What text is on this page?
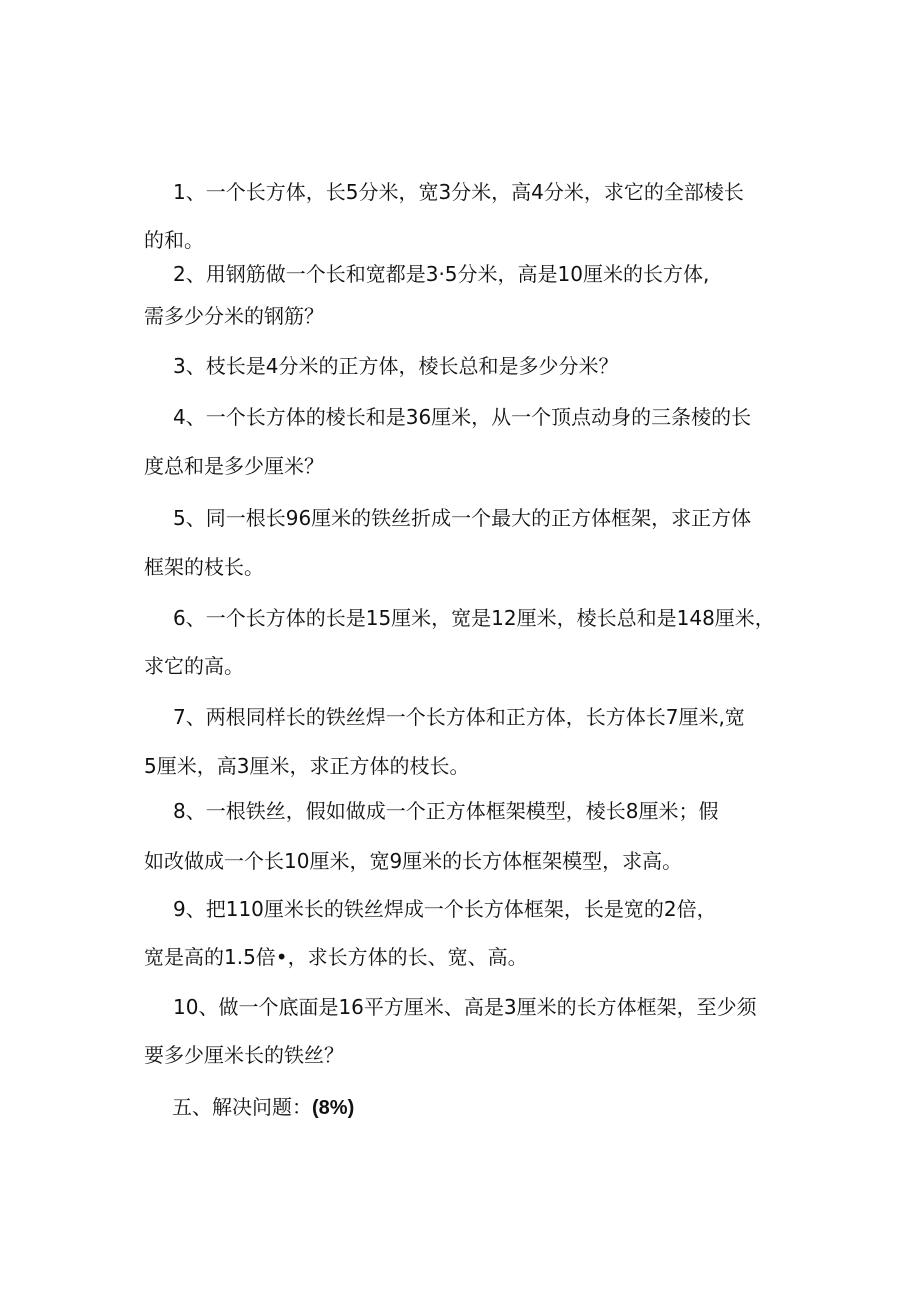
1、一个长方体，长5分米，宽3分米，高4分米，求它的全部棱长
的和。
2、用钢筋做一个长和宽都是3·5分米，高是10厘米的长方体,
需多少分米的钢筋？
3、枝长是4分米的正方体，棱长总和是多少分米？
4、一个长方体的棱长和是36厘米，从一个顶点动身的三条棱的长
度总和是多少厘米？
5、同一根长96厘米的铁丝折成一个最大的正方体框架，求正方体
框架的枝长。
6、一个长方体的长是15厘米，宽是12厘米，棱长总和是148厘米，
求它的高。
7、两根同样长的铁丝焊一个长方体和正方体，长方体长7厘米,宽
5厘米，高3厘米，求正方体的枝长。
8、一根铁丝，假如做成一个正方体框架模型，棱长8厘米；假
如改做成一个长10厘米，宽9厘米的长方体框架模型，求高。
9、把110厘米长的铁丝焊成一个长方体框架，长是宽的2倍，
宽是高的1.5倍•，求长方体的长、宽、高。
10、做一个底面是16平方厘米、高是3厘米的长方体框架，至少须
要多少厘米长的铁丝？
五、解决问题：(8%)
